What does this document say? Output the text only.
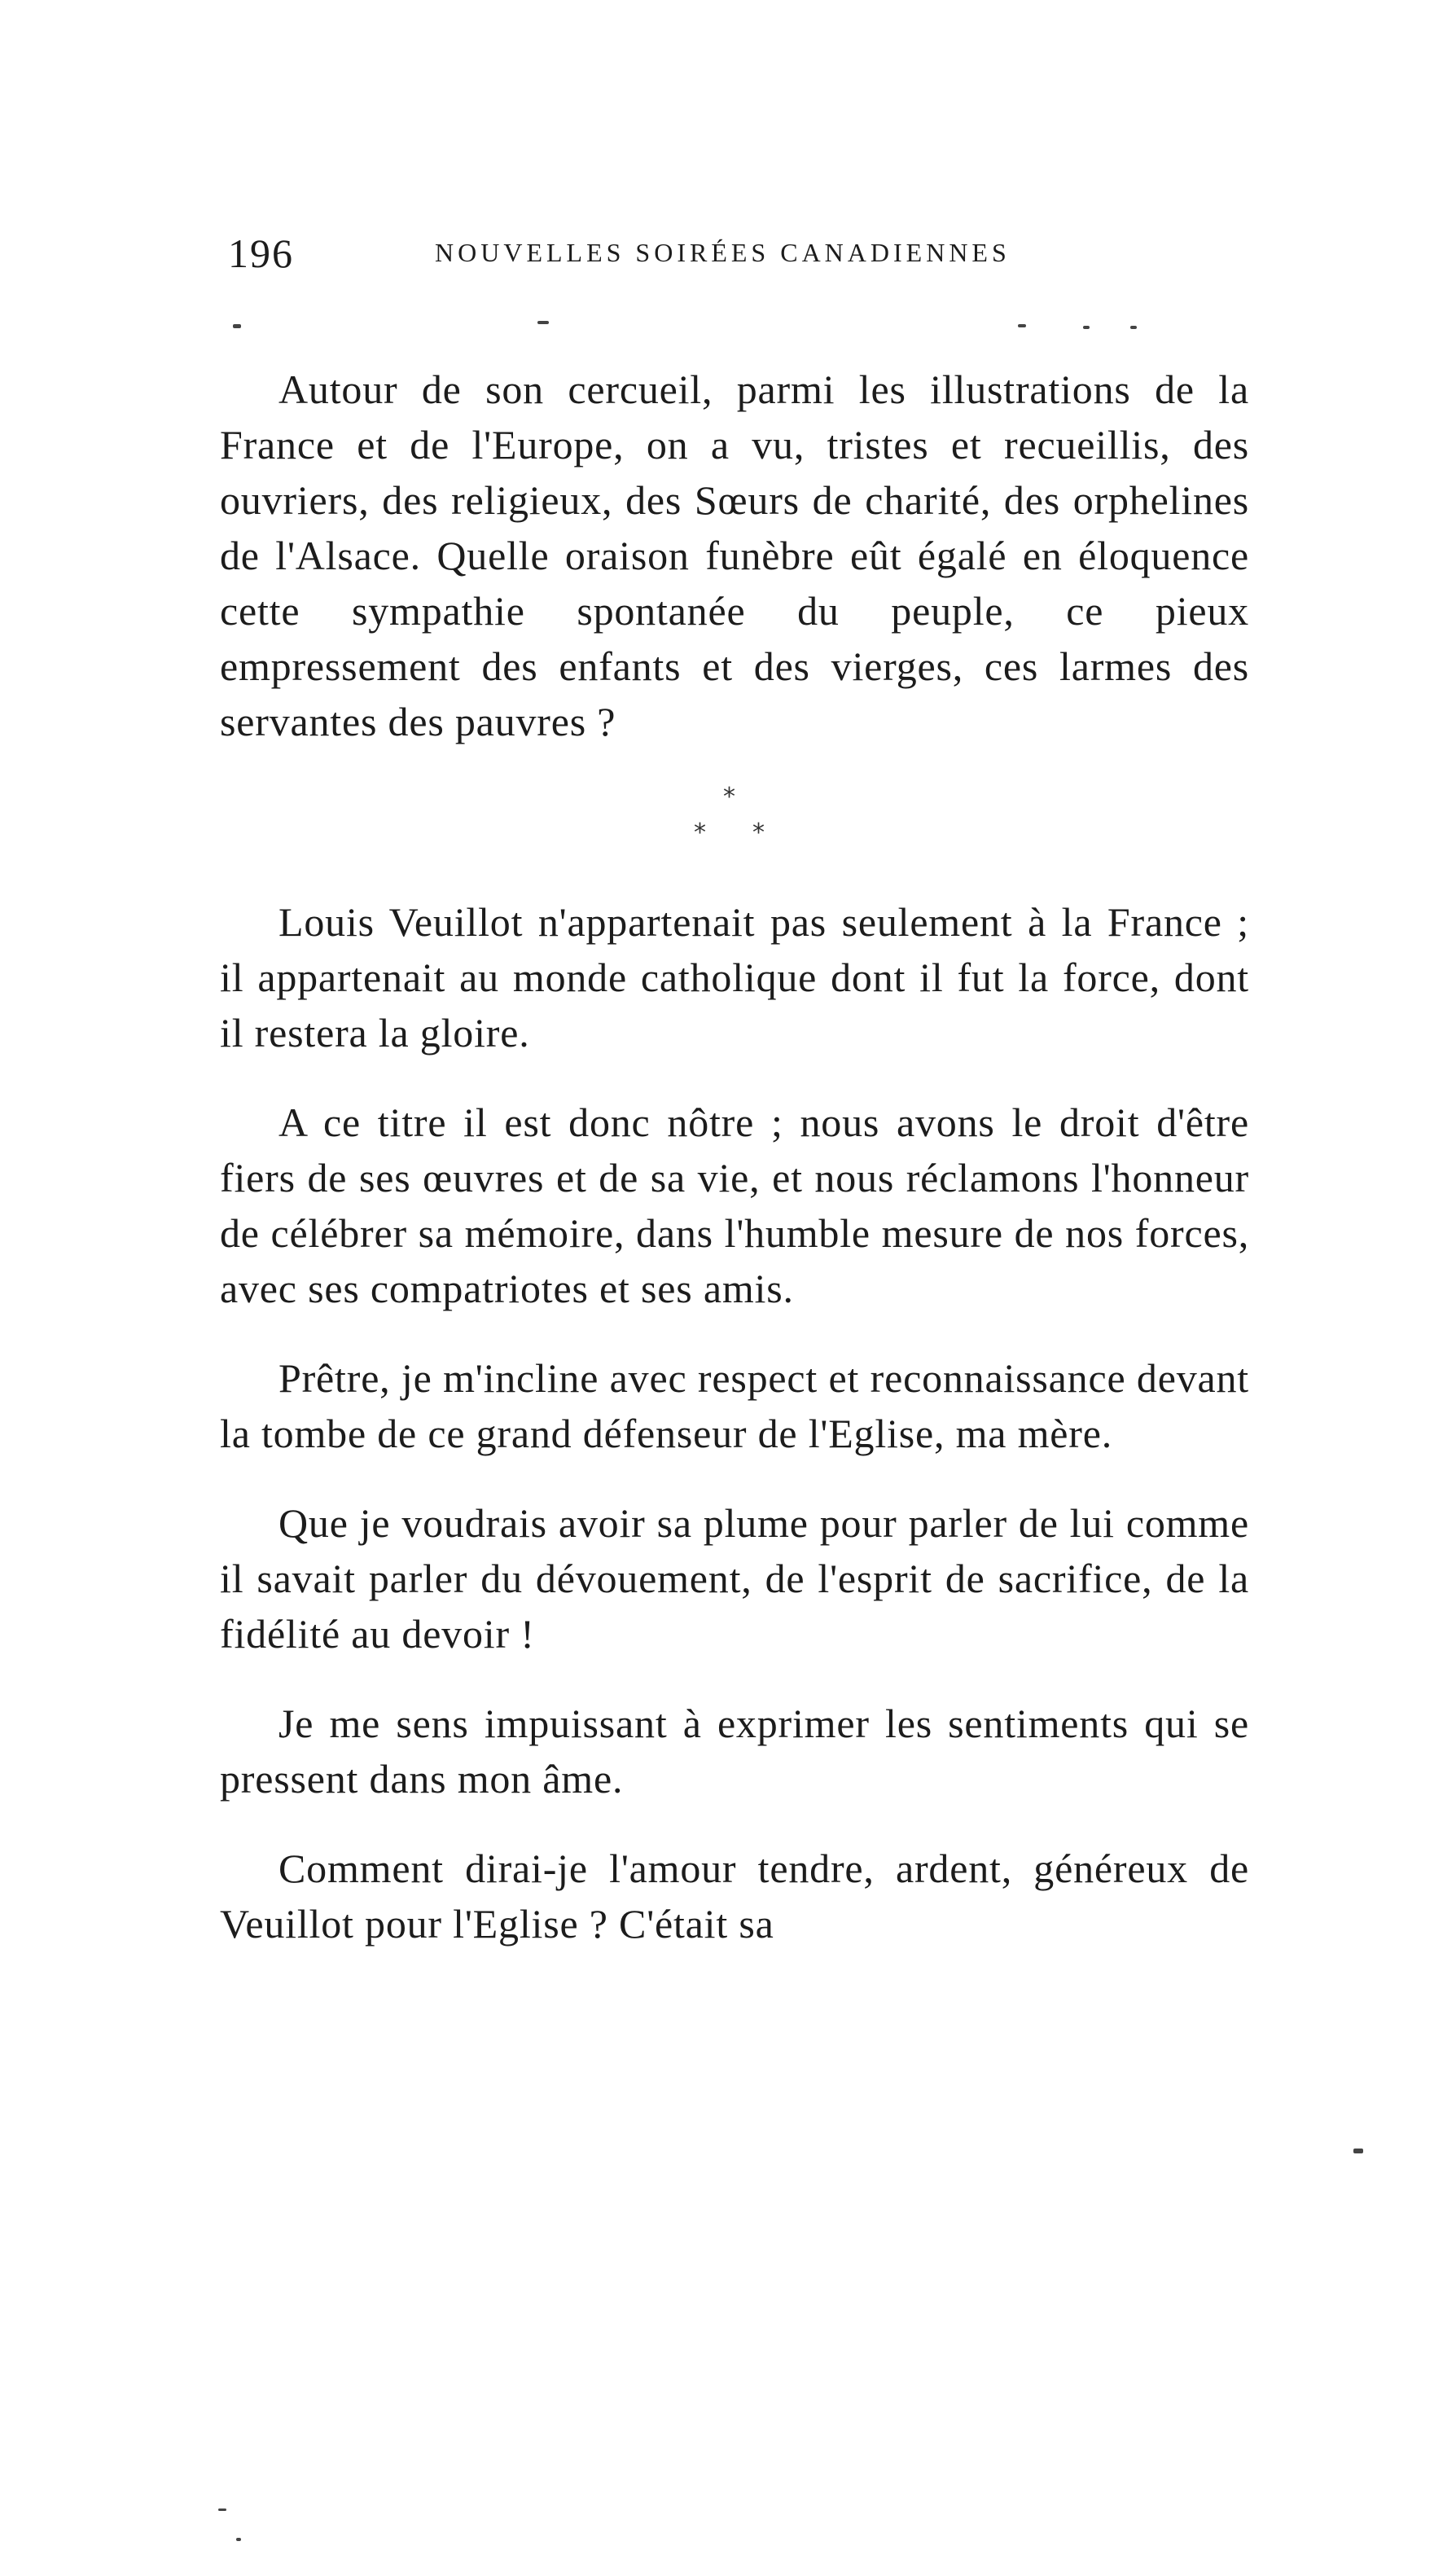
196	NOUVELLES SOIRÉES CANADIENNES

Autour de son cercueil, parmi les illustrations de la France et de l'Europe, on a vu, tristes et recueillis, des ouvriers, des religieux, des Sœurs de charité, des orphelines de l'Alsace. Quelle oraison funèbre eût égalé en éloquence cette sympathie spontanée du peuple, ce pieux empressement des enfants et des vierges, ces larmes des servantes des pauvres ?

*
* *

Louis Veuillot n'appartenait pas seulement à la France ; il appartenait au monde catholique dont il fut la force, dont il restera la gloire.

A ce titre il est donc nôtre ; nous avons le droit d'être fiers de ses œuvres et de sa vie, et nous réclamons l'honneur de célébrer sa mémoire, dans l'humble mesure de nos forces, avec ses compatriotes et ses amis.

Prêtre, je m'incline avec respect et reconnaissance devant la tombe de ce grand défenseur de l'Eglise, ma mère.

Que je voudrais avoir sa plume pour parler de lui comme il savait parler du dévouement, de l'esprit de sacrifice, de la fidélité au devoir !

Je me sens impuissant à exprimer les sentiments qui se pressent dans mon âme.

Comment dirai-je l'amour tendre, ardent, généreux de Veuillot pour l'Eglise ? C'était sa
